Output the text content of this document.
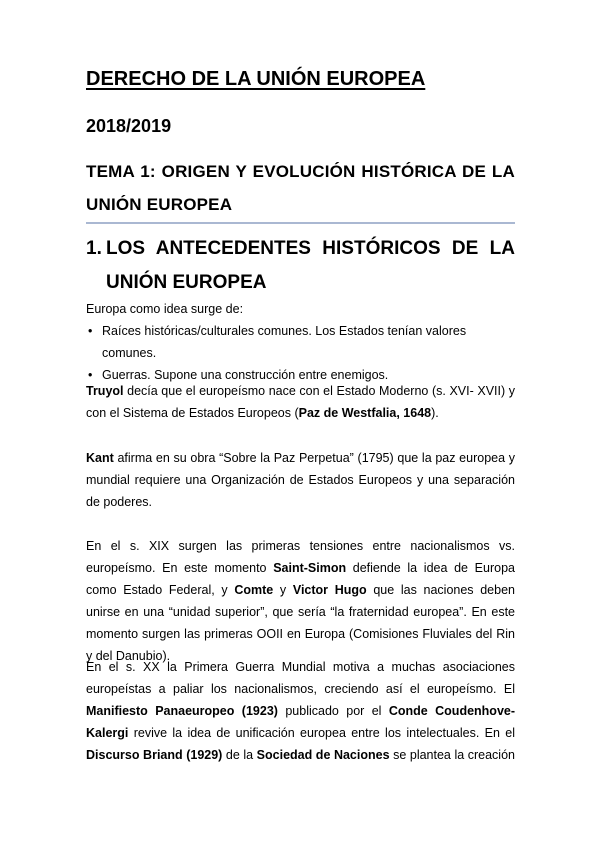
DERECHO DE LA UNIÓN EUROPEA
2018/2019
TEMA 1: ORIGEN Y EVOLUCIÓN HISTÓRICA DE LA UNIÓN EUROPEA
1. LOS ANTECEDENTES HISTÓRICOS DE LA
UNIÓN EUROPEA

Europa como idea surge de:

• Raíces históricas/culturales comunes. Los Estados tenían valores comunes.
• Guerras. Supone una construcción entre enemigos.

Truyol decía que el europeísmo nace con el Estado Moderno (s. XVI- XVII) y con el Sistema de Estados Europeos (Paz de Westfalia, 1648).

Kant afirma en su obra “Sobre la Paz Perpetua” (1795) que la paz europea y mundial requiere una Organización de Estados Europeos y una separación de poderes.

En el s. XIX surgen las primeras tensiones entre nacionalismos vs. europeísmo. En este momento Saint-Simon defiende la idea de Europa como Estado Federal, y Comte y Victor Hugo que las naciones deben unirse en una “unidad superior”, que sería “la fraternidad europea”. En este momento surgen las primeras OOII en Europa (Comisiones Fluviales del Rin y del Danubio).

En el s. XX la Primera Guerra Mundial motiva a muchas asociaciones europeístas a paliar los nacionalismos, creciendo así el europeísmo. El Manifiesto Panaeuropeo (1923) publicado por el Conde Coudenhove-Kalergi revive la idea de unificación europea entre los intelectuales. En el Discurso Briand (1929) de la Sociedad de Naciones se plantea la creación
